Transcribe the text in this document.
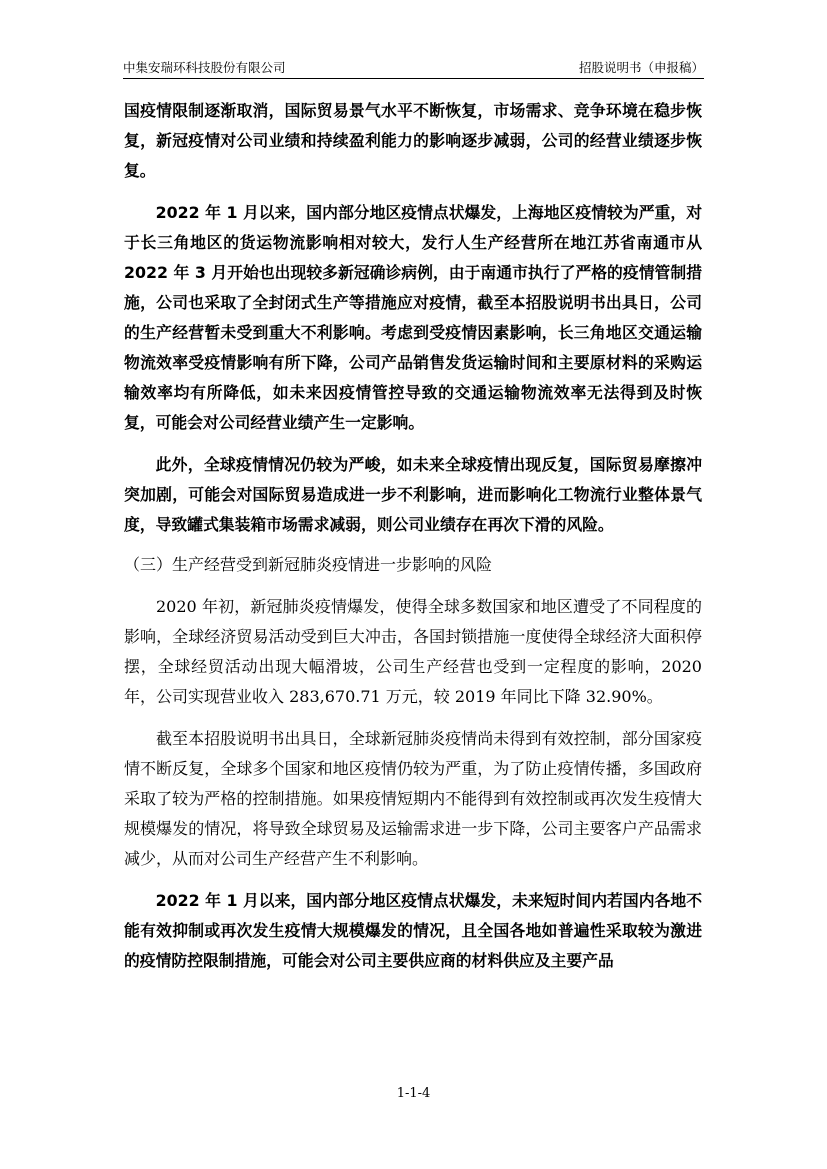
中集安瑞环科技股份有限公司	招股说明书（申报稿）

国疫情限制逐渐取消，国际贸易景气水平不断恢复，市场需求、竞争环境在稳步恢复，新冠疫情对公司业绩和持续盈利能力的影响逐步减弱，公司的经营业绩逐步恢复。

2022 年 1 月以来，国内部分地区疫情点状爆发，上海地区疫情较为严重，对于长三角地区的货运物流影响相对较大，发行人生产经营所在地江苏省南通市从 2022 年 3 月开始也出现较多新冠确诊病例，由于南通市执行了严格的疫情管制措施，公司也采取了全封闭式生产等措施应对疫情，截至本招股说明书出具日，公司的生产经营暂未受到重大不利影响。考虑到受疫情因素影响，长三角地区交通运输物流效率受疫情影响有所下降，公司产品销售发货运输时间和主要原材料的采购运输效率均有所降低，如未来因疫情管控导致的交通运输物流效率无法得到及时恢复，可能会对公司经营业绩产生一定影响。

此外，全球疫情情况仍较为严峻，如未来全球疫情出现反复，国际贸易摩擦冲突加剧，可能会对国际贸易造成进一步不利影响，进而影响化工物流行业整体景气度，导致罐式集装箱市场需求减弱，则公司业绩存在再次下滑的风险。

（三）生产经营受到新冠肺炎疫情进一步影响的风险

2020 年初，新冠肺炎疫情爆发，使得全球多数国家和地区遭受了不同程度的影响，全球经济贸易活动受到巨大冲击，各国封锁措施一度使得全球经济大面积停摆，全球经贸活动出现大幅滑坡，公司生产经营也受到一定程度的影响，2020 年，公司实现营业收入 283,670.71 万元，较 2019 年同比下降 32.90%。

截至本招股说明书出具日，全球新冠肺炎疫情尚未得到有效控制，部分国家疫情不断反复，全球多个国家和地区疫情仍较为严重，为了防止疫情传播，多国政府采取了较为严格的控制措施。如果疫情短期内不能得到有效控制或再次发生疫情大规模爆发的情况，将导致全球贸易及运输需求进一步下降，公司主要客户产品需求减少，从而对公司生产经营产生不利影响。

2022 年 1 月以来，国内部分地区疫情点状爆发，未来短时间内若国内各地不能有效抑制或再次发生疫情大规模爆发的情况，且全国各地如普遍性采取较为激进的疫情防控限制措施，可能会对公司主要供应商的材料供应及主要产品

1-1-4
